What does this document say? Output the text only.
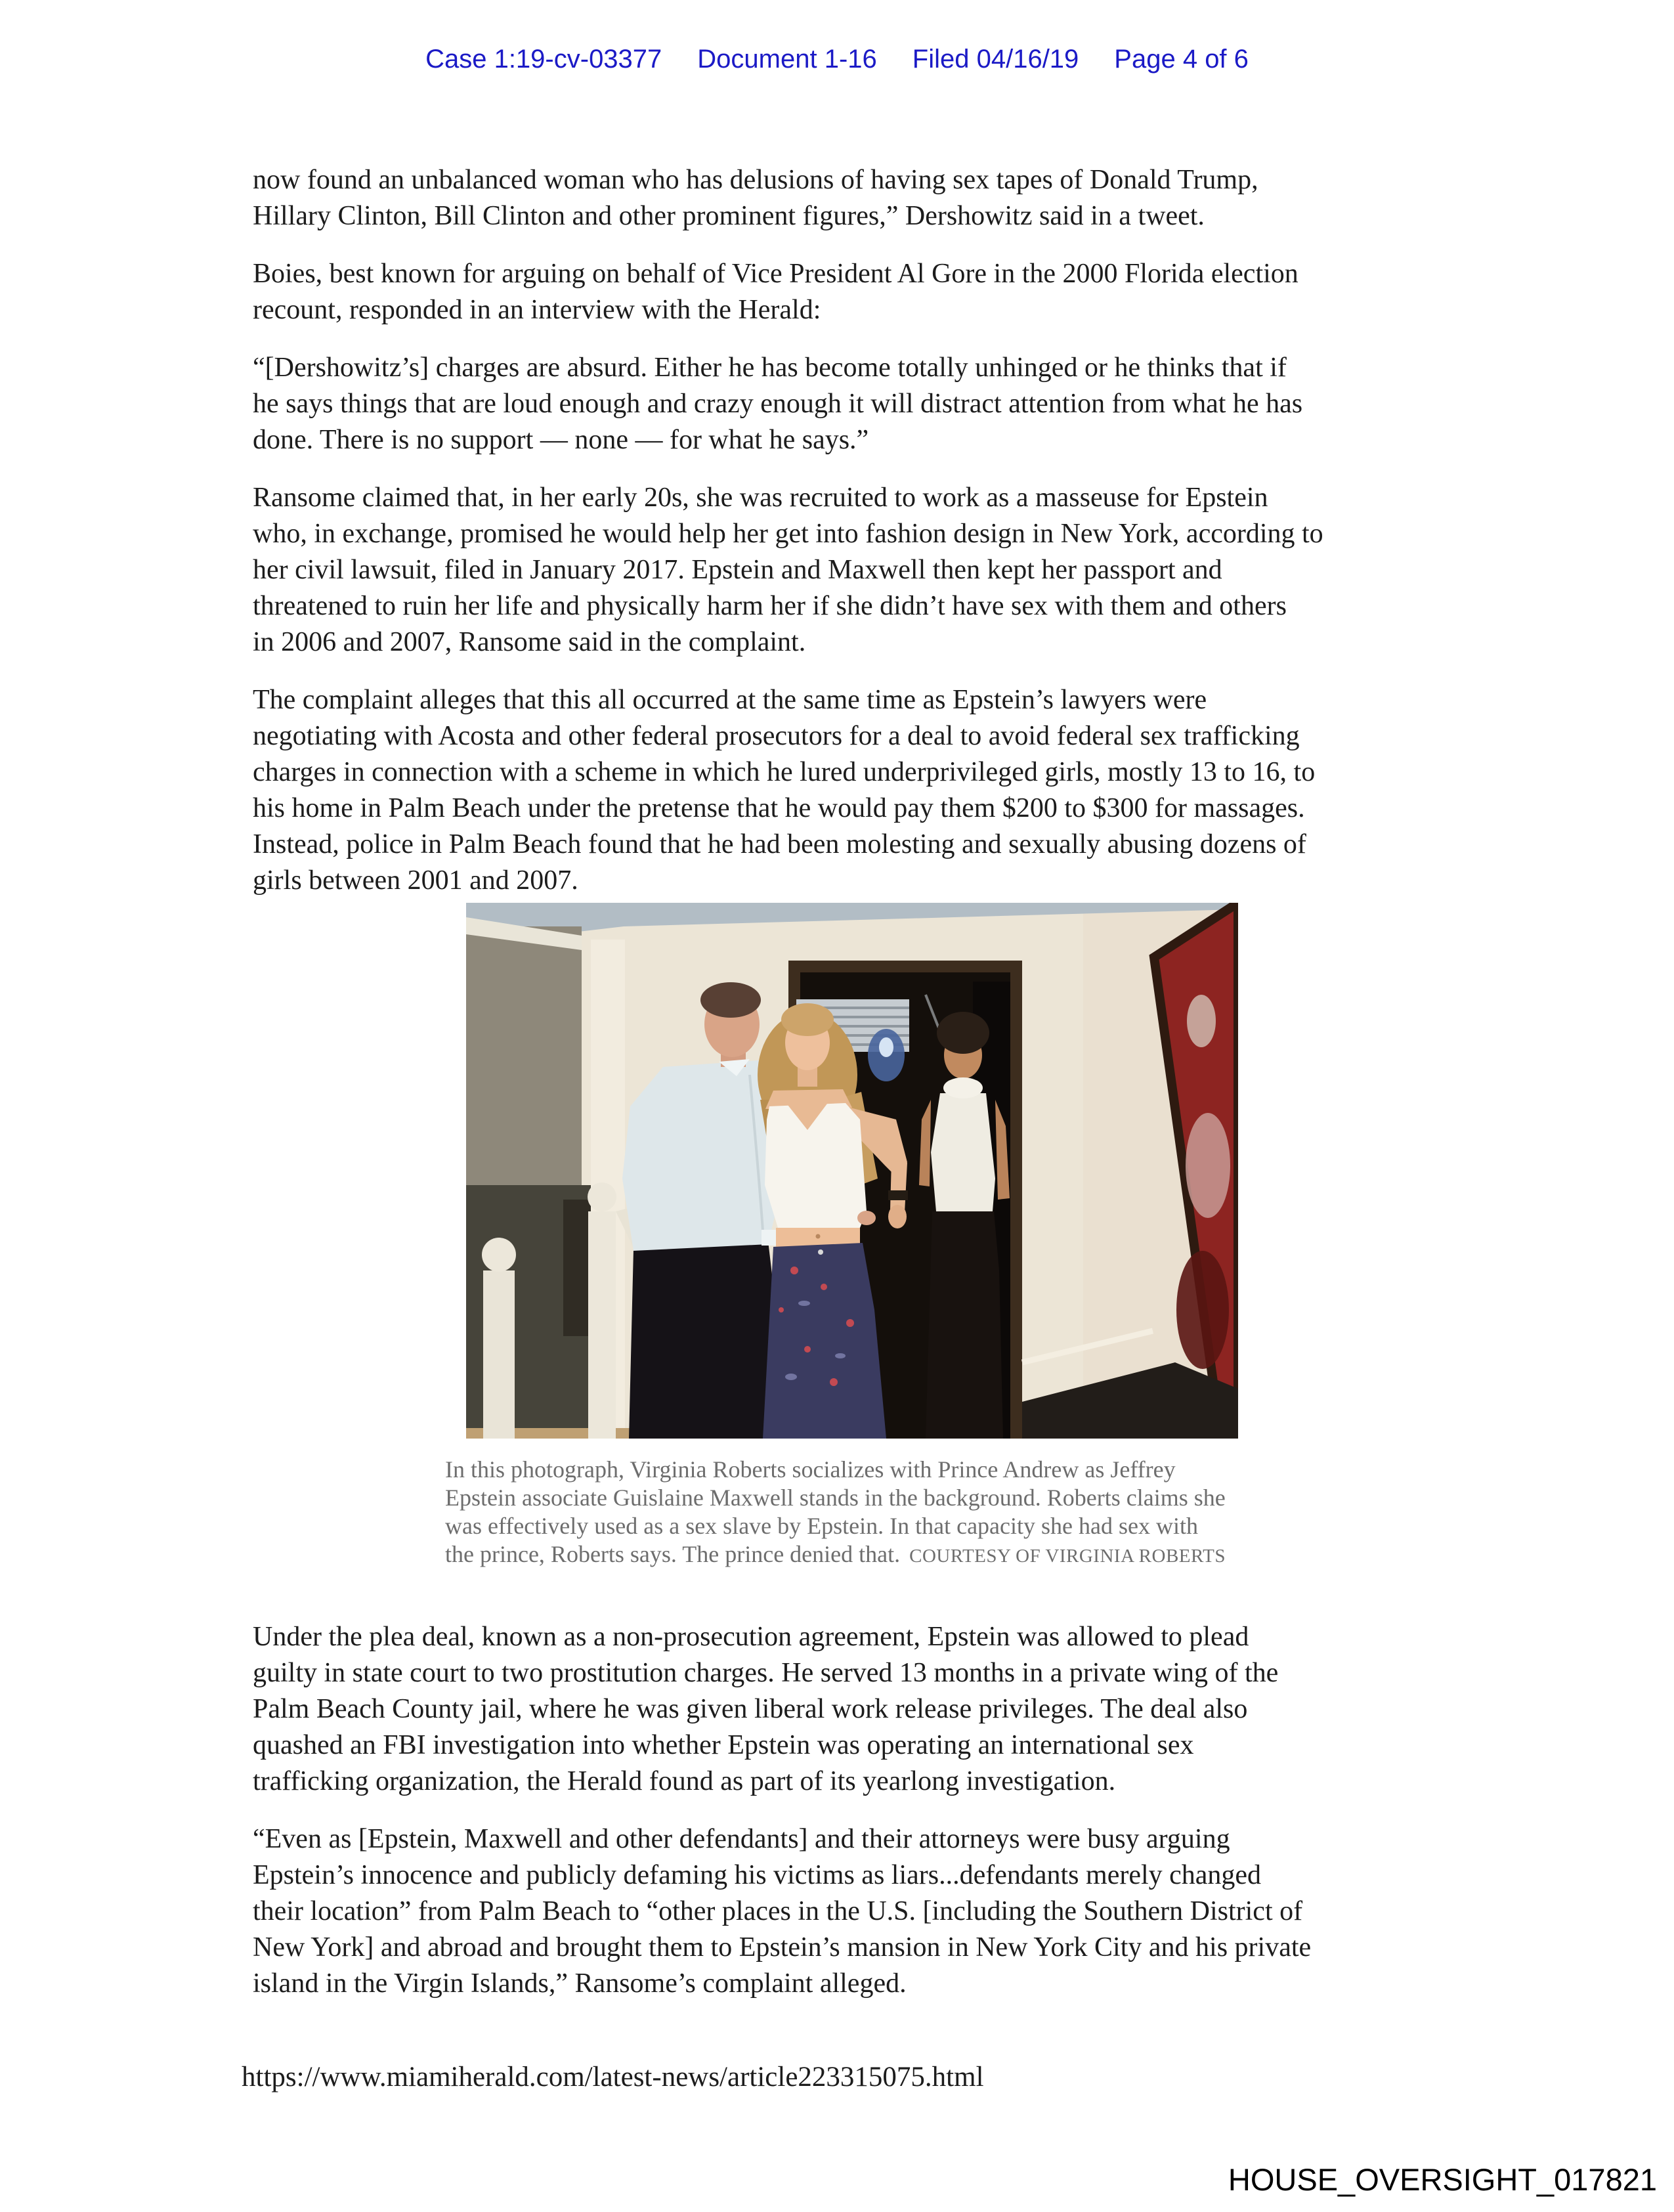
Case 1:19-cv-03377 Document 1-16 Filed 04/16/19 Page 4 of 6

now found an unbalanced woman who has delusions of having sex tapes of Donald Trump,
Hillary Clinton, Bill Clinton and other prominent figures,” Dershowitz said in a tweet.

Boies, best known for arguing on behalf of Vice President Al Gore in the 2000 Florida election
recount, responded in an interview with the Herald:

“[Dershowitz’s] charges are absurd. Either he has become totally unhinged or he thinks that if
he says things that are loud enough and crazy enough it will distract attention from what he has
done. There is no support — none — for what he says.”

Ransome claimed that, in her early 20s, she was recruited to work as a masseuse for Epstein
who, in exchange, promised he would help her get into fashion design in New York, according to
her civil lawsuit, filed in January 2017. Epstein and Maxwell then kept her passport and
threatened to ruin her life and physically harm her if she didn’t have sex with them and others
in 2006 and 2007, Ransome said in the complaint.

The complaint alleges that this all occurred at the same time as Epstein’s lawyers were
negotiating with Acosta and other federal prosecutors for a deal to avoid federal sex trafficking
charges in connection with a scheme in which he lured underprivileged girls, mostly 13 to 16, to
his home in Palm Beach under the pretense that he would pay them $200 to $300 for massages.
Instead, police in Palm Beach found that he had been molesting and sexually abusing dozens of
girls between 2001 and 2007.

In this photograph, Virginia Roberts socializes with Prince Andrew as Jeffrey
Epstein associate Guislaine Maxwell stands in the background. Roberts claims she
was effectively used as a sex slave by Epstein. In that capacity she had sex with
the prince, Roberts says. The prince denied that. COURTESY OF VIRGINIA ROBERTS

Under the plea deal, known as a non-prosecution agreement, Epstein was allowed to plead
guilty in state court to two prostitution charges. He served 13 months in a private wing of the
Palm Beach County jail, where he was given liberal work release privileges. The deal also
quashed an FBI investigation into whether Epstein was operating an international sex
trafficking organization, the Herald found as part of its yearlong investigation.

“Even as [Epstein, Maxwell and other defendants] and their attorneys were busy arguing
Epstein’s innocence and publicly defaming his victims as liars...defendants merely changed
their location” from Palm Beach to “other places in the U.S. [including the Southern District of
New York] and abroad and brought them to Epstein’s mansion in New York City and his private
island in the Virgin Islands,” Ransome’s complaint alleged.

https://www.miamiherald.com/latest-news/article223315075.html
HOUSE_OVERSIGHT_017821
